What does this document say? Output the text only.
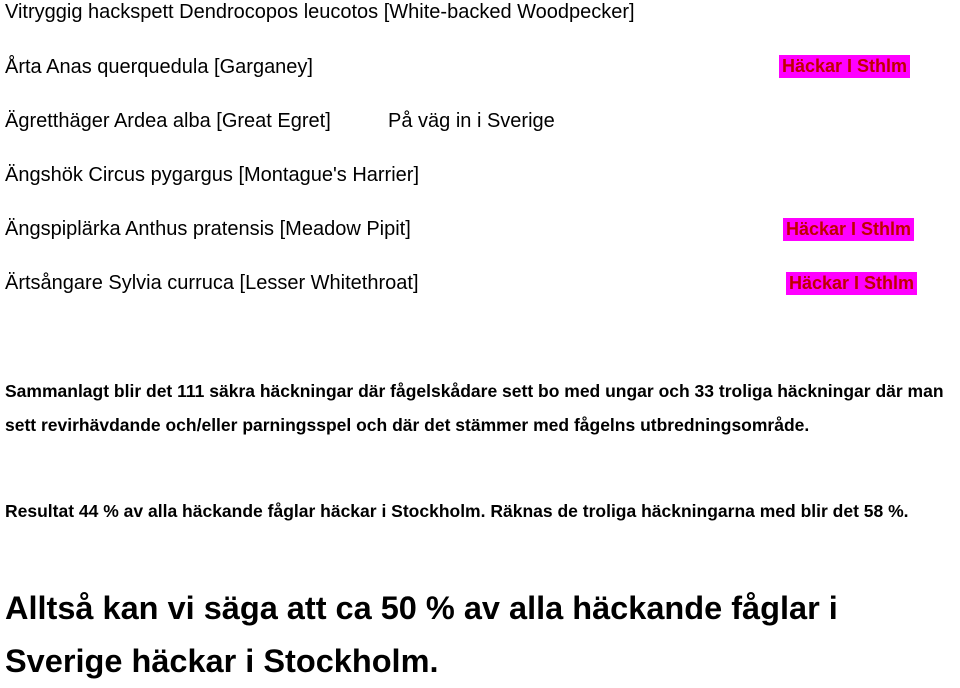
Vitryggig hackspett Dendrocopos leucotos [White-backed Woodpecker]
Årta Anas querquedula [Garganey]
Ägretthäger Ardea alba [Great Egret]
Ängshök Circus pygargus [Montague's Harrier]
Ängspiplärka Anthus pratensis [Meadow Pipit]
Ärtsångare Sylvia curruca [Lesser Whitethroat]
På väg in i Sverige
Häckar I Sthlm
Häckar I Sthlm
Häckar I Sthlm
Sammanlagt blir det 111 säkra häckningar där fågelskådare sett bo med ungar och 33 troliga häckningar där man sett revirhävdande och/eller parningsspel och där det stämmer med fågelns utbredningsområde.
Resultat 44 % av alla häckande fåglar häckar i Stockholm. Räknas de troliga häckningarna med blir det 58 %.
Alltså kan vi säga att ca 50 % av alla häckande fåglar i Sverige häckar i Stockholm.
